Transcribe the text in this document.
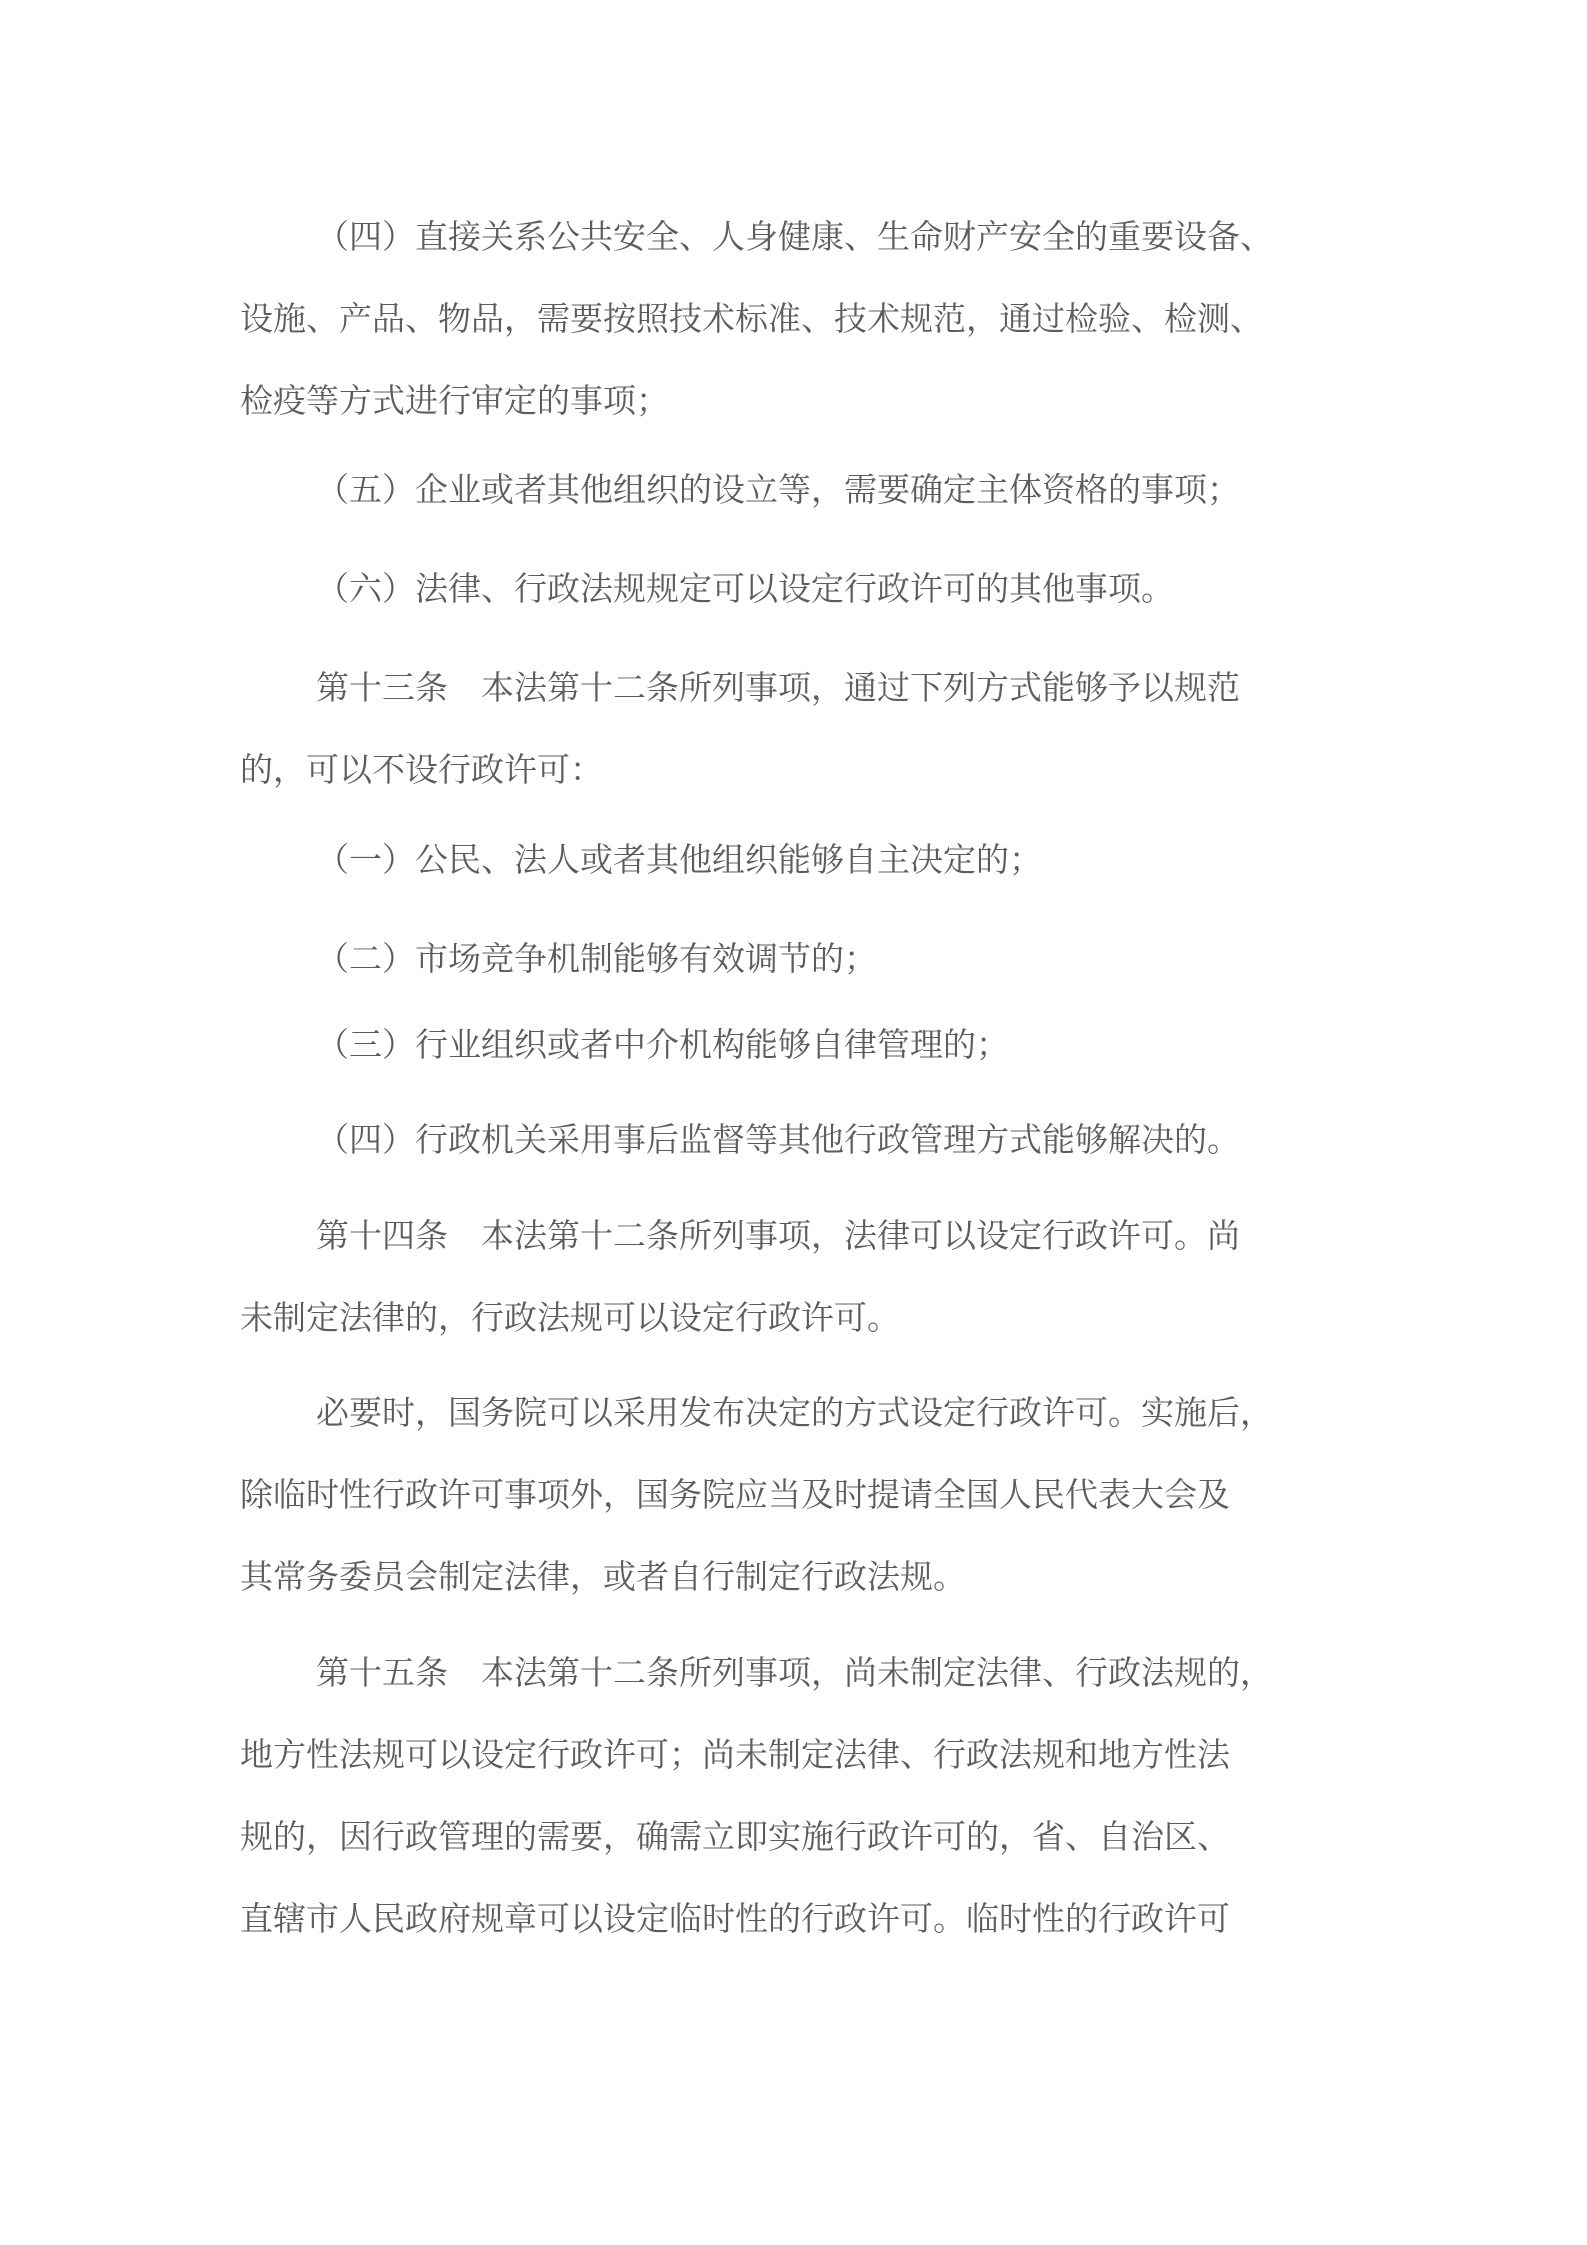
（四）直接关系公共安全、人身健康、生命财产安全的重要设备、
设施、产品、物品，需要按照技术标准、技术规范，通过检验、检测、
检疫等方式进行审定的事项；
（五）企业或者其他组织的设立等，需要确定主体资格的事项；
（六）法律、行政法规规定可以设定行政许可的其他事项。
第十三条　本法第十二条所列事项，通过下列方式能够予以规范
的，可以不设行政许可：
（一）公民、法人或者其他组织能够自主决定的；
（二）市场竞争机制能够有效调节的；
（三）行业组织或者中介机构能够自律管理的；
（四）行政机关采用事后监督等其他行政管理方式能够解决的。
第十四条　本法第十二条所列事项，法律可以设定行政许可。尚
未制定法律的，行政法规可以设定行政许可。
必要时，国务院可以采用发布决定的方式设定行政许可。实施后，
除临时性行政许可事项外，国务院应当及时提请全国人民代表大会及
其常务委员会制定法律，或者自行制定行政法规。
第十五条　本法第十二条所列事项，尚未制定法律、行政法规的，
地方性法规可以设定行政许可；尚未制定法律、行政法规和地方性法
规的，因行政管理的需要，确需立即实施行政许可的，省、自治区、
直辖市人民政府规章可以设定临时性的行政许可。临时性的行政许可
